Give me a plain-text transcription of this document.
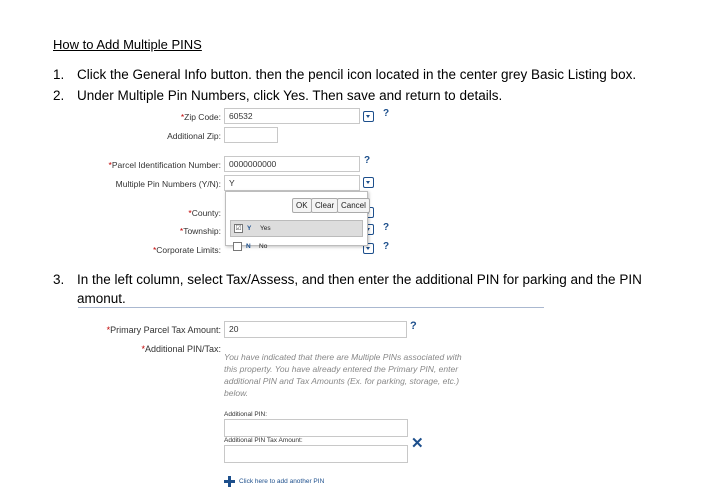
How to Add Multiple PINS
1. Click the General Info button. then the pencil icon located in the center grey Basic Listing box.
2. Under Multiple Pin Numbers, click Yes. Then save and return to details.
*Zip Code: 60532	?
Additional Zip:
*Parcel Identification Number: 0000000000	?
Multiple Pin Numbers (Y/N): Y
*County:
*Township:
*Corporate Limits:
?
?
OK Clear Cancel
☑ Y Yes
N No
3. In the left column, select Tax/Assess, and then enter the additional PIN for parking and the PIN amonut.
*Primary Parcel Tax Amount: 20	?
*Additional PIN/Tax:
You have indicated that there are Multiple PINs associated with this property. You have already entered the Primary PIN, enter additional PIN and Tax Amounts (Ex. for parking, storage, etc.) below.
Additional PIN:
Additional PIN Tax Amount:	✕
Click here to add another PIN
